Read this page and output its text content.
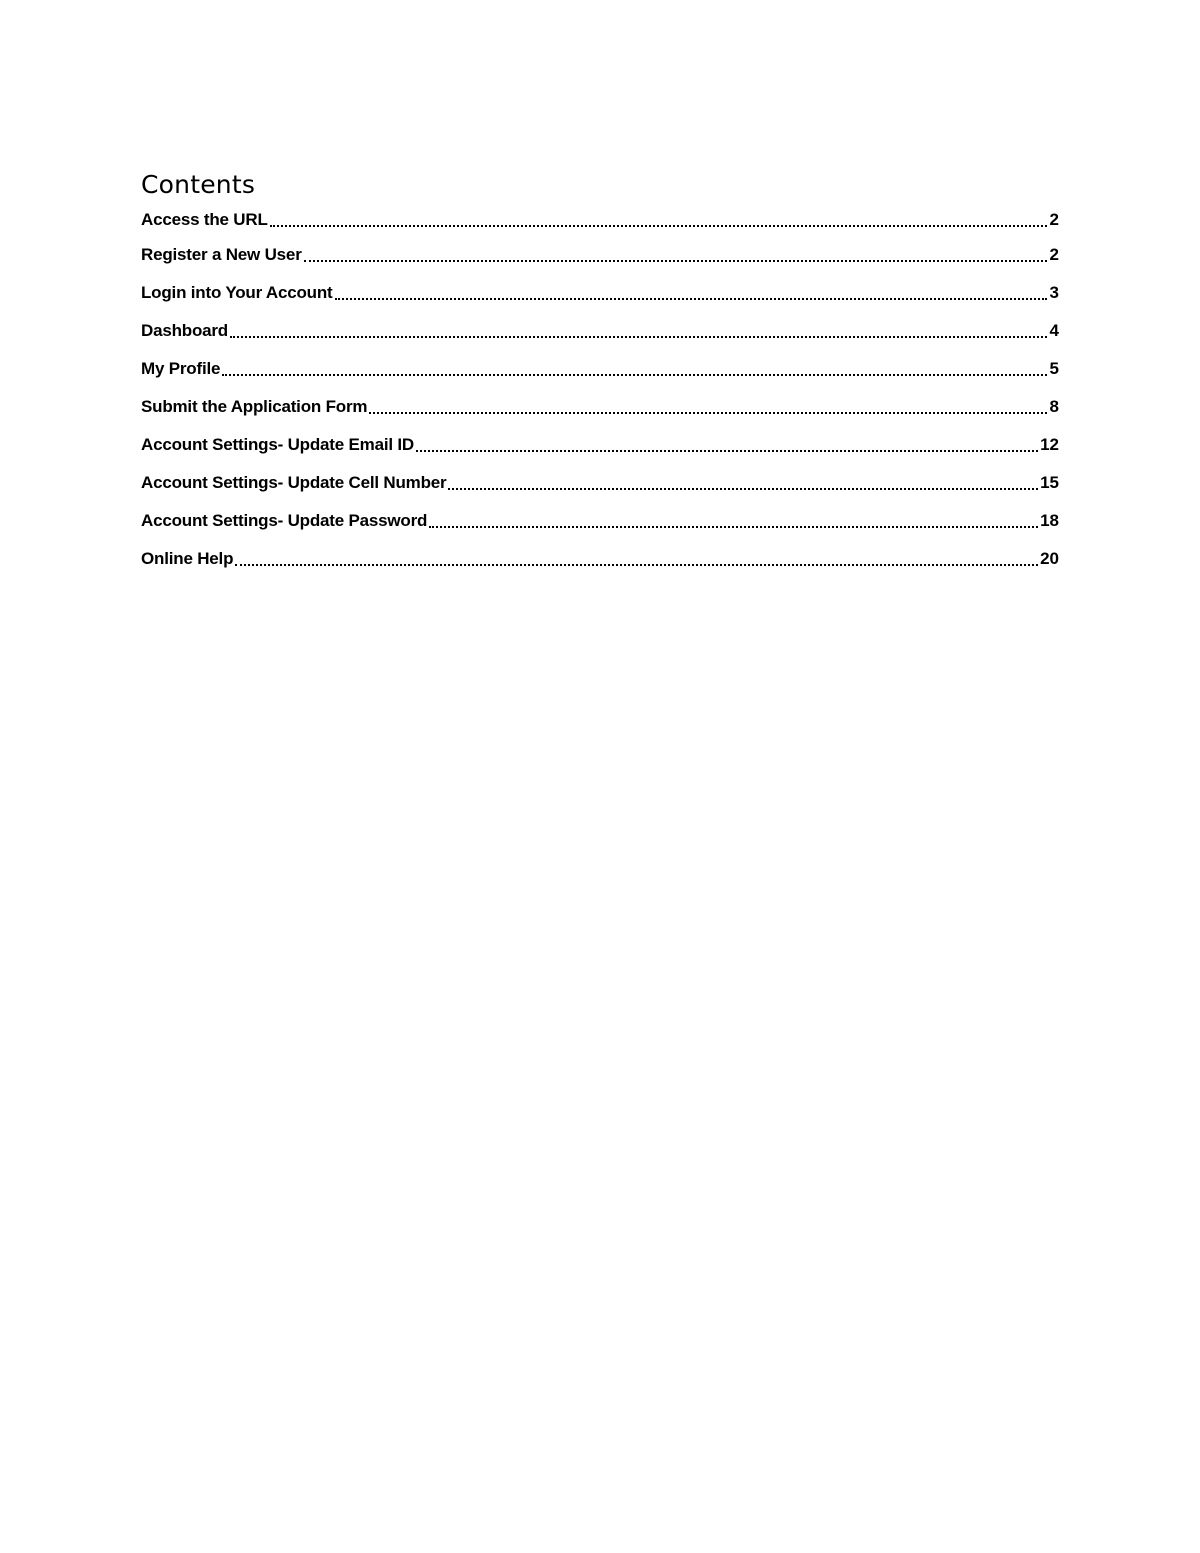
Contents
Access the URL	2
Register a New User	2
Login into Your Account	3
Dashboard	4
My Profile	5
Submit the Application Form	8
Account Settings- Update Email ID	12
Account Settings- Update Cell Number	15
Account Settings- Update Password	18
Online Help	20
